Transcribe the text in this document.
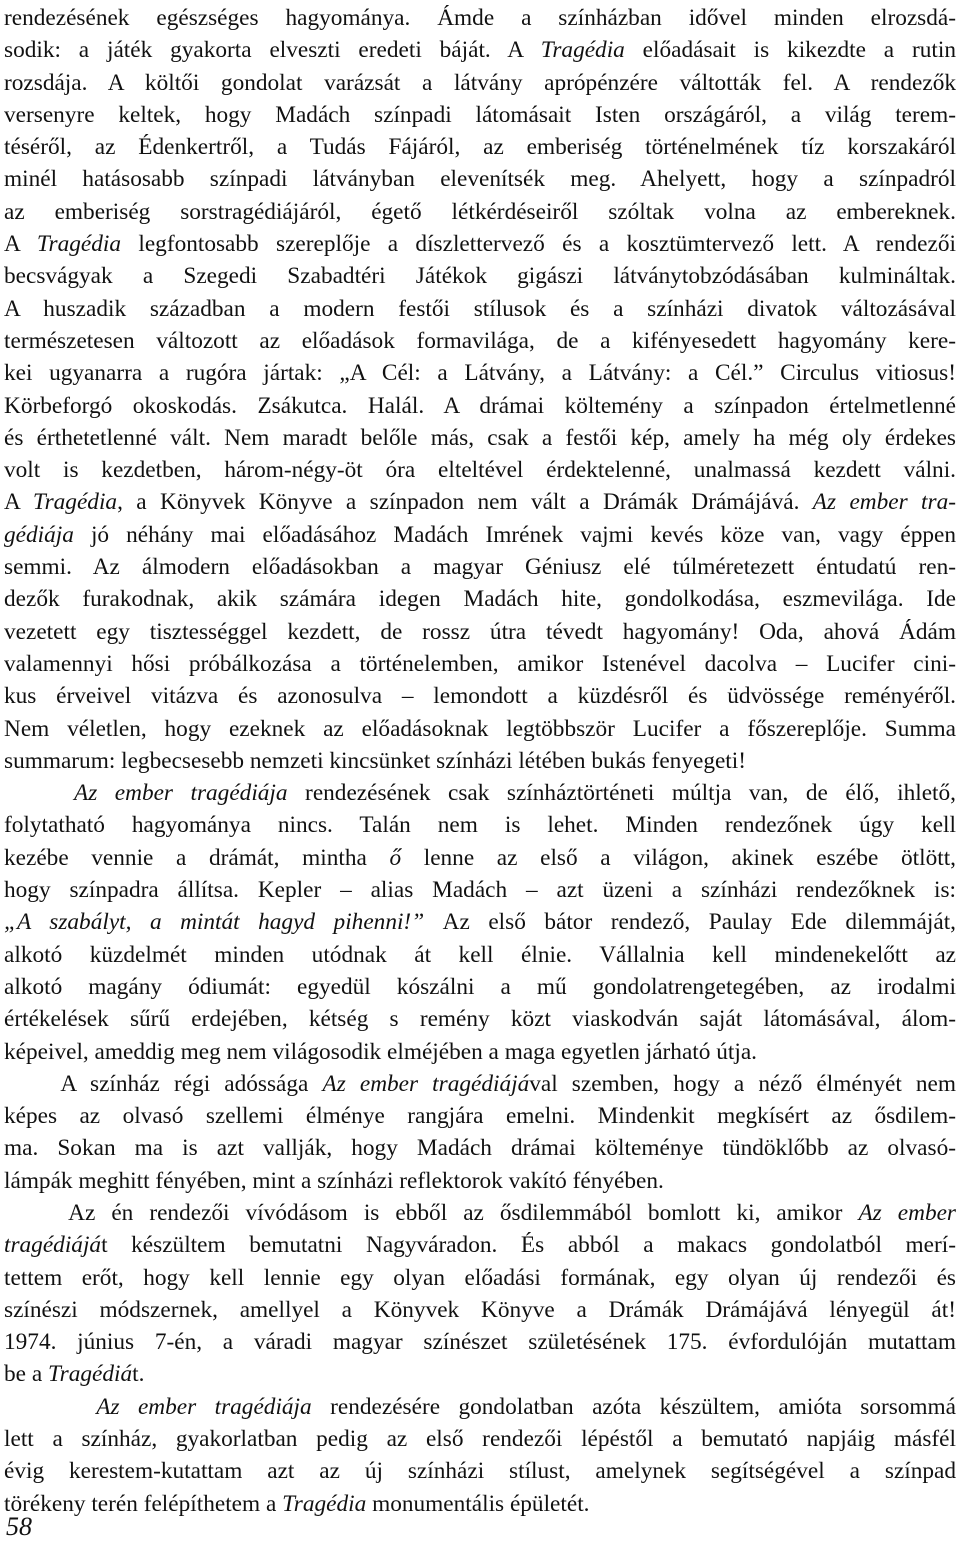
rendezésének egészséges hagyománya. Ámde a színházban idővel minden elrozsdá-
sodik: a játék gyakorta elveszti eredeti báját. A Tragédia előadásait is kikezdte a rutin
rozsdája. A költői gondolat varázsát a látvány aprópénzére váltották fel. A rendezők
versenyre keltek, hogy Madách színpadi látomásait Isten országáról, a világ terem-
téséről, az Édenkertről, a Tudás Fájáról, az emberiség történelmének tíz korszakáról
minél hatásosabb színpadi látványban elevenítsék meg. Ahelyett, hogy a színpadról
az emberiség sorstragédiájáról, égető létkérdéseiről szóltak volna az embereknek.
A Tragédia legfontosabb szereplője a díszlettervező és a kosztümtervező lett. A rendezői
becsvágyak a Szegedi Szabadtéri Játékok gigászi látványtobzódásában kulmináltak.
A huszadik században a modern festői stílusok és a színházi divatok változásával
természetesen változott az előadások formavilága, de a kifényesedett hagyomány kere-
kei ugyanarra a rugóra jártak: „A Cél: a Látvány, a Látvány: a Cél.” Circulus vitiosus!
Körbeforgó okoskodás. Zsákutca. Halál. A drámai költemény a színpadon értelmetlenné
és érthetetlenné vált. Nem maradt belőle más, csak a festői kép, amely ha még oly érdekes
volt is kezdetben, három-négy-öt óra elteltével érdektelenné, unalmassá kezdett válni.
A Tragédia, a Könyvek Könyve a színpadon nem vált a Drámák Drámájává. Az ember tra-
gédiája jó néhány mai előadásához Madách Imrének vajmi kevés köze van, vagy éppen
semmi. Az álmodern előadásokban a magyar Géniusz elé túlméretezett éntudatú ren-
dezők furakodnak, akik számára idegen Madách hite, gondolkodása, eszmevilága. Ide
vezetett egy tisztességgel kezdett, de rossz útra tévedt hagyomány! Oda, ahová Ádám
valamennyi hősi próbálkozása a történelemben, amikor Istenével dacolva – Lucifer cini-
kus érveivel vitázva és azonosulva – lemondott a küzdésről és üdvössége reményéről.
Nem véletlen, hogy ezeknek az előadásoknak legtöbbször Lucifer a főszereplője. Summa
summarum: legbecsesebb nemzeti kincsünket színházi létében bukás fenyegeti!
Az ember tragédiája rendezésének csak színháztörténeti múltja van, de élő, ihlető,
folytatható hagyománya nincs. Talán nem is lehet. Minden rendezőnek úgy kell
kezébe vennie a drámát, mintha ő lenne az első a világon, akinek eszébe ötlött,
hogy színpadra állítsa. Kepler – alias Madách – azt üzeni a színházi rendezőknek is:
„A szabályt, a mintát hagyd pihenni!” Az első bátor rendező, Paulay Ede dilemmáját,
alkotó küzdelmét minden utódnak át kell élnie. Vállalnia kell mindenekelőtt az
alkotó magány ódiumát: egyedül kószálni a mű gondolatrengetegében, az irodalmi
értékelések sűrű erdejében, kétség s remény közt viaskodván saját látomásával, álom-
képeivel, ameddig meg nem világosodik elméjében a maga egyetlen járható útja.
A színház régi adóssága Az ember tragédiájával szemben, hogy a néző élményét nem
képes az olvasó szellemi élménye rangjára emelni. Mindenkit megkísért az ősdilem-
ma. Sokan ma is azt vallják, hogy Madách drámai költeménye tündöklőbb az olvasó-
lámpák meghitt fényében, mint a színházi reflektorok vakító fényében.
Az én rendezői vívódásom is ebből az ősdilemmából bomlott ki, amikor Az ember
tragédiáját készültem bemutatni Nagyváradon. És abból a makacs gondolatból merí-
tettem erőt, hogy kell lennie egy olyan előadási formának, egy olyan új rendezői és
színészi módszernek, amellyel a Könyvek Könyve a Drámák Drámájává lényegül át!
1974. június 7-én, a váradi magyar színészet születésének 175. évfordulóján mutattam
be a Tragédiát.
Az ember tragédiája rendezésére gondolatban azóta készültem, amióta sorsommá
lett a színház, gyakorlatban pedig az első rendezői lépéstől a bemutató napjáig másfél
évig kerestem-kutattam azt az új színházi stílust, amelynek segítségével a színpad
törékeny terén felépíthetem a Tragédia monumentális épületét.
58
